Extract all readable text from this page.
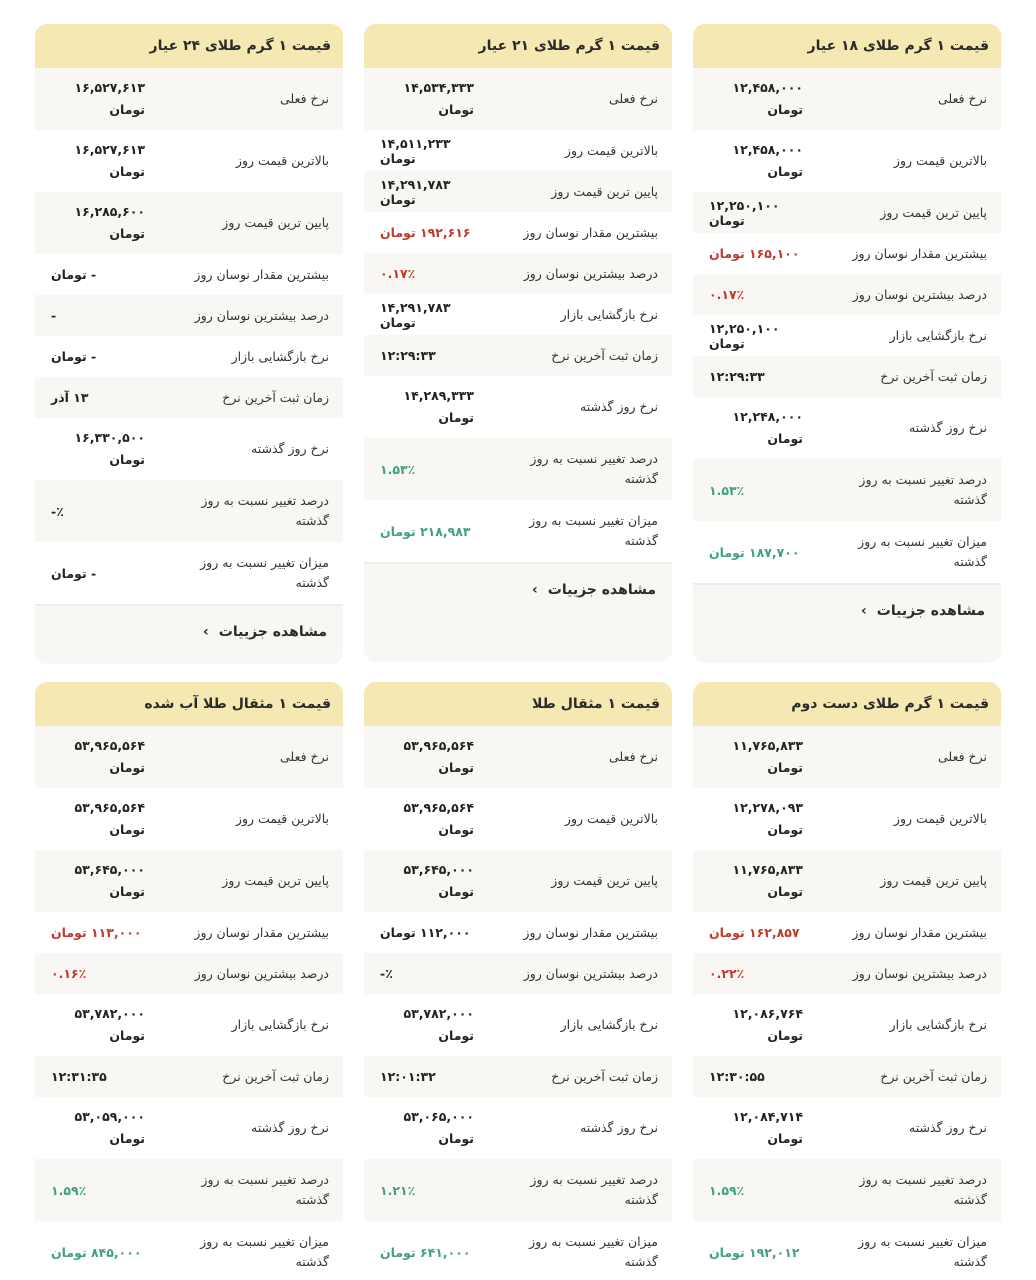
قیمت ۱ گرم طلای ۱۸ عیار
نرخ فعلی
۱۲,۴۵۸,۰۰۰
تومان
بالاترین قیمت روز
۱۲,۴۵۸,۰۰۰
تومان
پایین ترین قیمت روز
۱۲,۲۵۰,۱۰۰ تومان
بیشترین مقدار نوسان روز
۱۶۵,۱۰۰ تومان
درصد بیشترین نوسان روز
۰.۱۷٪
نرخ بازگشایی بازار
۱۲,۲۵۰,۱۰۰ تومان
زمان ثبت آخرین نرخ
۱۲:۲۹:۳۳
نرخ روز گذشته
۱۲,۲۴۸,۰۰۰
تومان
درصد تغییر نسبت به روز گذشته
۱.۵۳٪
میزان تغییر نسبت به روز گذشته
۱۸۷,۷۰۰ تومان
مشاهده جزییات
›
قیمت ۱ گرم طلای ۲۱ عیار
نرخ فعلی
۱۴,۵۳۴,۳۳۳
تومان
بالاترین قیمت روز
۱۴,۵۱۱,۲۳۳ تومان
پایین ترین قیمت روز
۱۴,۲۹۱,۷۸۳ تومان
بیشترین مقدار نوسان روز
۱۹۲,۶۱۶ تومان
درصد بیشترین نوسان روز
۰.۱۷٪
نرخ بازگشایی بازار
۱۴,۲۹۱,۷۸۳ تومان
زمان ثبت آخرین نرخ
۱۲:۲۹:۳۳
نرخ روز گذشته
۱۴,۲۸۹,۳۳۳
تومان
درصد تغییر نسبت به روز گذشته
۱.۵۳٪
میزان تغییر نسبت به روز گذشته
۲۱۸,۹۸۳ تومان
مشاهده جزییات
›
قیمت ۱ گرم طلای ۲۴ عیار
نرخ فعلی
۱۶,۵۲۷,۶۱۳
تومان
بالاترین قیمت روز
۱۶,۵۲۷,۶۱۳
تومان
پایین ترین قیمت روز
۱۶,۲۸۵,۶۰۰
تومان
بیشترین مقدار نوسان روز
- تومان
درصد بیشترین نوسان روز
-
نرخ بازگشایی بازار
- تومان
زمان ثبت آخرین نرخ
۱۳ آذر
نرخ روز گذشته
۱۶,۳۳۰,۵۰۰
تومان
درصد تغییر نسبت به روز گذشته
٪-
میزان تغییر نسبت به روز گذشته
- تومان
مشاهده جزییات
›
قیمت ۱ گرم طلای دست دوم
نرخ فعلی
۱۱,۷۶۵,۸۳۳
تومان
بالاترین قیمت روز
۱۲,۲۷۸,۰۹۳
تومان
پایین ترین قیمت روز
۱۱,۷۶۵,۸۳۳
تومان
بیشترین مقدار نوسان روز
۱۶۲,۸۵۷ تومان
درصد بیشترین نوسان روز
۰.۲۲٪
نرخ بازگشایی بازار
۱۲,۰۸۶,۷۶۴
تومان
زمان ثبت آخرین نرخ
۱۲:۳۰:۵۵
نرخ روز گذشته
۱۲,۰۸۴,۷۱۴
تومان
درصد تغییر نسبت به روز گذشته
۱.۵۹٪
میزان تغییر نسبت به روز گذشته
۱۹۲,۰۱۲ تومان
قیمت ۱ مثقال طلا
نرخ فعلی
۵۳,۹۶۵,۵۶۴
تومان
بالاترین قیمت روز
۵۳,۹۶۵,۵۶۴
تومان
پایین ترین قیمت روز
۵۳,۶۴۵,۰۰۰
تومان
بیشترین مقدار نوسان روز
۱۱۲,۰۰۰ تومان
درصد بیشترین نوسان روز
٪-
نرخ بازگشایی بازار
۵۳,۷۸۲,۰۰۰
تومان
زمان ثبت آخرین نرخ
۱۲:۰۱:۳۲
نرخ روز گذشته
۵۳,۰۶۵,۰۰۰
تومان
درصد تغییر نسبت به روز گذشته
۱.۲۱٪
میزان تغییر نسبت به روز گذشته
۶۴۱,۰۰۰ تومان
قیمت ۱ مثقال طلا آب شده
نرخ فعلی
۵۳,۹۶۵,۵۶۴
تومان
بالاترین قیمت روز
۵۳,۹۶۵,۵۶۴
تومان
پایین ترین قیمت روز
۵۳,۶۴۵,۰۰۰
تومان
بیشترین مقدار نوسان روز
۱۱۳,۰۰۰ تومان
درصد بیشترین نوسان روز
۰.۱۶٪
نرخ بازگشایی بازار
۵۳,۷۸۲,۰۰۰
تومان
زمان ثبت آخرین نرخ
۱۲:۳۱:۳۵
نرخ روز گذشته
۵۳,۰۵۹,۰۰۰
تومان
درصد تغییر نسبت به روز گذشته
۱.۵۹٪
میزان تغییر نسبت به روز گذشته
۸۴۵,۰۰۰ تومان
